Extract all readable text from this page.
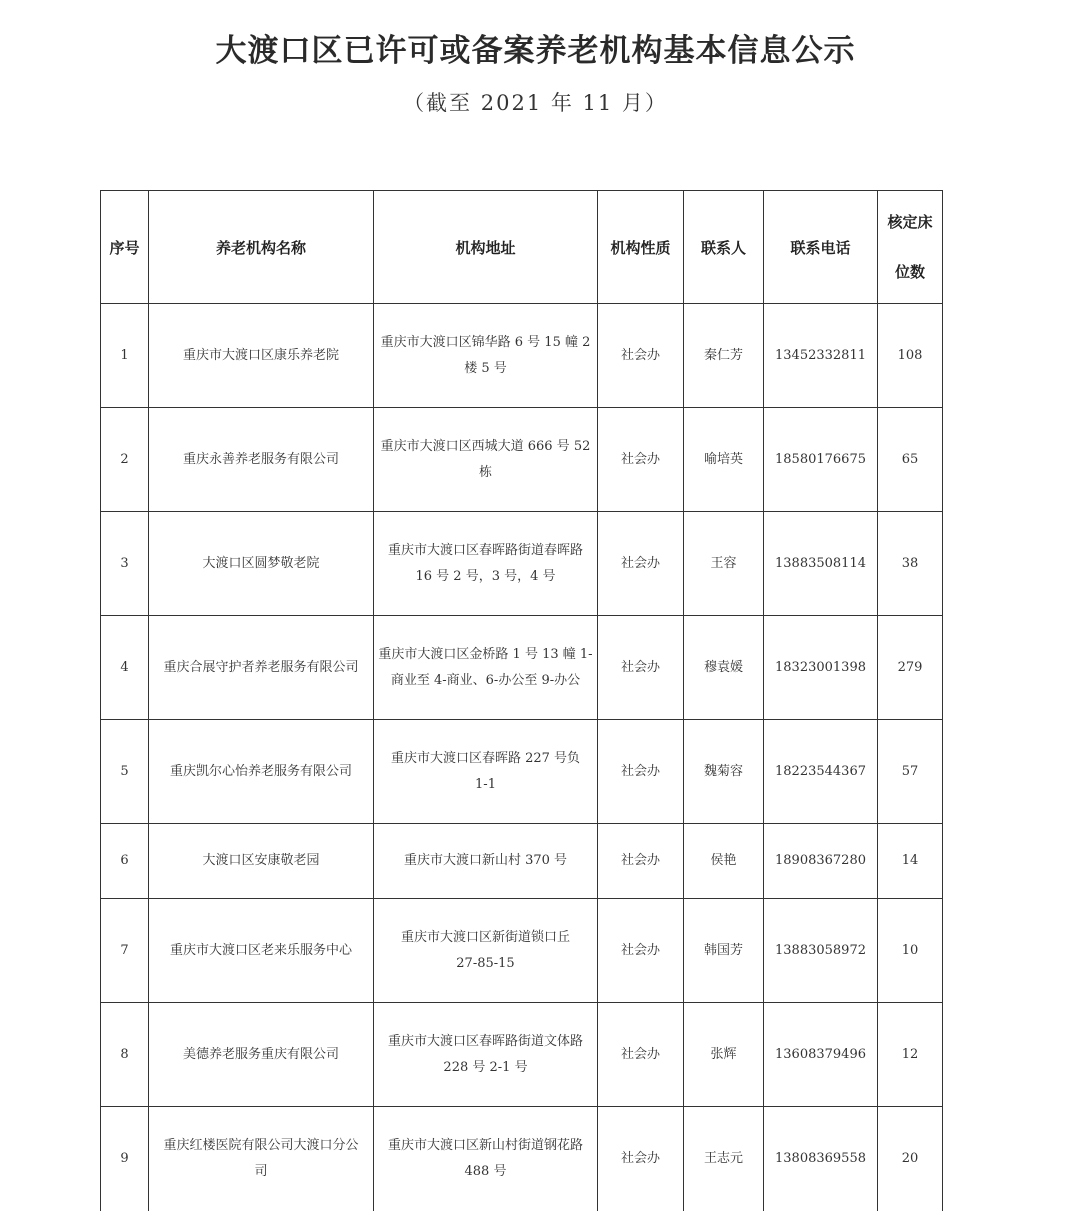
大渡口区已许可或备案养老机构基本信息公示
（截至 2021 年 11 月）
序号	养老机构名称	机构地址	机构性质	联系人	联系电话	核定床
位数
1	重庆市大渡口区康乐养老院	重庆市大渡口区锦华路 6 号 15 幢 2
楼 5 号	社会办	秦仁芳	13452332811	108
2	重庆永善养老服务有限公司	重庆市大渡口区西城大道 666 号 52
栋	社会办	喻培英	18580176675	65
3	大渡口区圆梦敬老院	重庆市大渡口区春晖路街道春晖路
16 号 2 号，3 号，4 号	社会办	王容	13883508114	38
4	重庆合展守护者养老服务有限公司	重庆市大渡口区金桥路 1 号 13 幢 1-
商业至 4-商业、6-办公至 9-办公	社会办	穆袁媛	18323001398	279
5	重庆凯尔心怡养老服务有限公司	重庆市大渡口区春晖路 227 号负
1-1	社会办	魏菊容	18223544367	57
6	大渡口区安康敬老园	重庆市大渡口新山村 370 号	社会办	侯艳	18908367280	14
7	重庆市大渡口区老来乐服务中心	重庆市大渡口区新街道锁口丘
27-85-15	社会办	韩国芳	13883058972	10
8	美德养老服务重庆有限公司	重庆市大渡口区春晖路街道文体路
228 号 2-1 号	社会办	张辉	13608379496	12
9	重庆红楼医院有限公司大渡口分公
司	重庆市大渡口区新山村街道钢花路
488 号	社会办	王志元	13808369558	20
